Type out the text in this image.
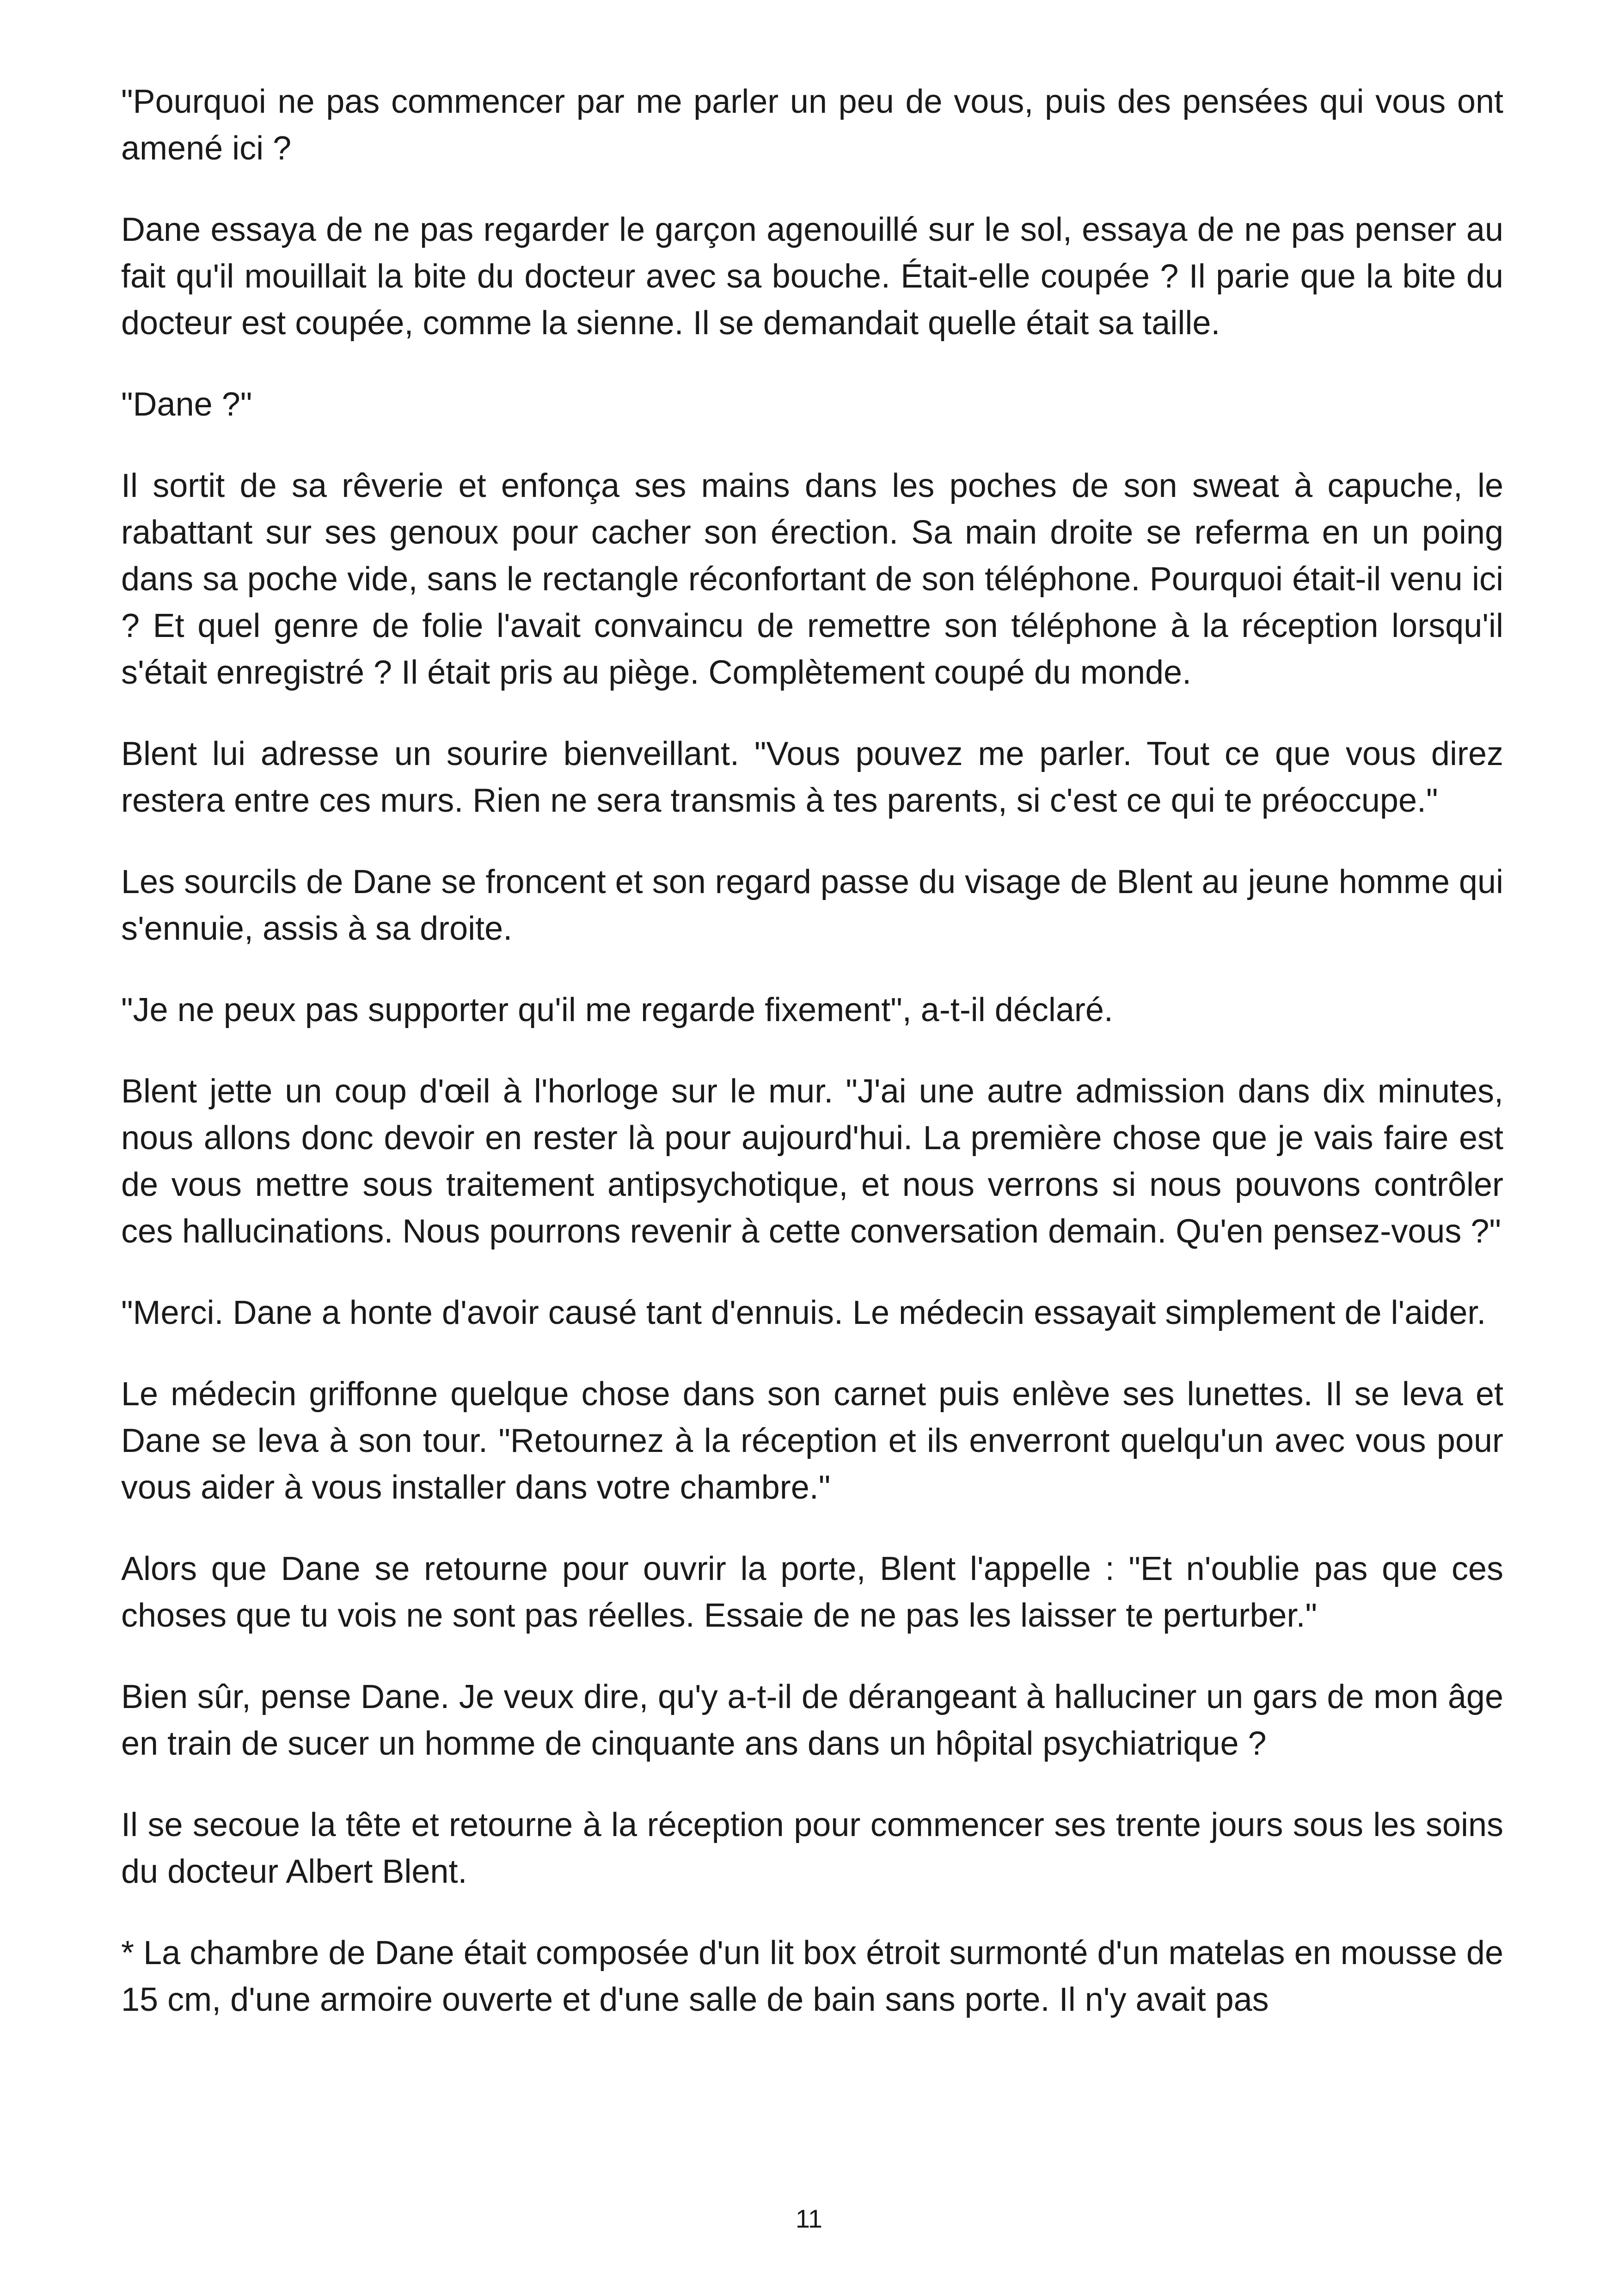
"Pourquoi ne pas commencer par me parler un peu de vous, puis des pensées qui vous ont amené ici ?

Dane essaya de ne pas regarder le garçon agenouillé sur le sol, essaya de ne pas penser au fait qu'il mouillait la bite du docteur avec sa bouche. Était-elle coupée ? Il parie que la bite du docteur est coupée, comme la sienne. Il se demandait quelle était sa taille.

"Dane ?"

Il sortit de sa rêverie et enfonça ses mains dans les poches de son sweat à capuche, le rabattant sur ses genoux pour cacher son érection. Sa main droite se referma en un poing dans sa poche vide, sans le rectangle réconfortant de son téléphone. Pourquoi était-il venu ici ? Et quel genre de folie l'avait convaincu de remettre son téléphone à la réception lorsqu'il s'était enregistré ? Il était pris au piège. Complètement coupé du monde.

Blent lui adresse un sourire bienveillant. "Vous pouvez me parler. Tout ce que vous direz restera entre ces murs. Rien ne sera transmis à tes parents, si c'est ce qui te préoccupe."

Les sourcils de Dane se froncent et son regard passe du visage de Blent au jeune homme qui s'ennuie, assis à sa droite.

"Je ne peux pas supporter qu'il me regarde fixement", a-t-il déclaré.

Blent jette un coup d'œil à l'horloge sur le mur. "J'ai une autre admission dans dix minutes, nous allons donc devoir en rester là pour aujourd'hui. La première chose que je vais faire est de vous mettre sous traitement antipsychotique, et nous verrons si nous pouvons contrôler ces hallucinations. Nous pourrons revenir à cette conversation demain. Qu'en pensez-vous ?"

"Merci. Dane a honte d'avoir causé tant d'ennuis. Le médecin essayait simplement de l'aider.

Le médecin griffonne quelque chose dans son carnet puis enlève ses lunettes. Il se leva et Dane se leva à son tour. "Retournez à la réception et ils enverront quelqu'un avec vous pour vous aider à vous installer dans votre chambre."

Alors que Dane se retourne pour ouvrir la porte, Blent l'appelle : "Et n'oublie pas que ces choses que tu vois ne sont pas réelles. Essaie de ne pas les laisser te perturber."

Bien sûr, pense Dane. Je veux dire, qu'y a-t-il de dérangeant à halluciner un gars de mon âge en train de sucer un homme de cinquante ans dans un hôpital psychiatrique ?

Il se secoue la tête et retourne à la réception pour commencer ses trente jours sous les soins du docteur Albert Blent.

* La chambre de Dane était composée d'un lit box étroit surmonté d'un matelas en mousse de 15 cm, d'une armoire ouverte et d'une salle de bain sans porte. Il n'y avait pas

11
